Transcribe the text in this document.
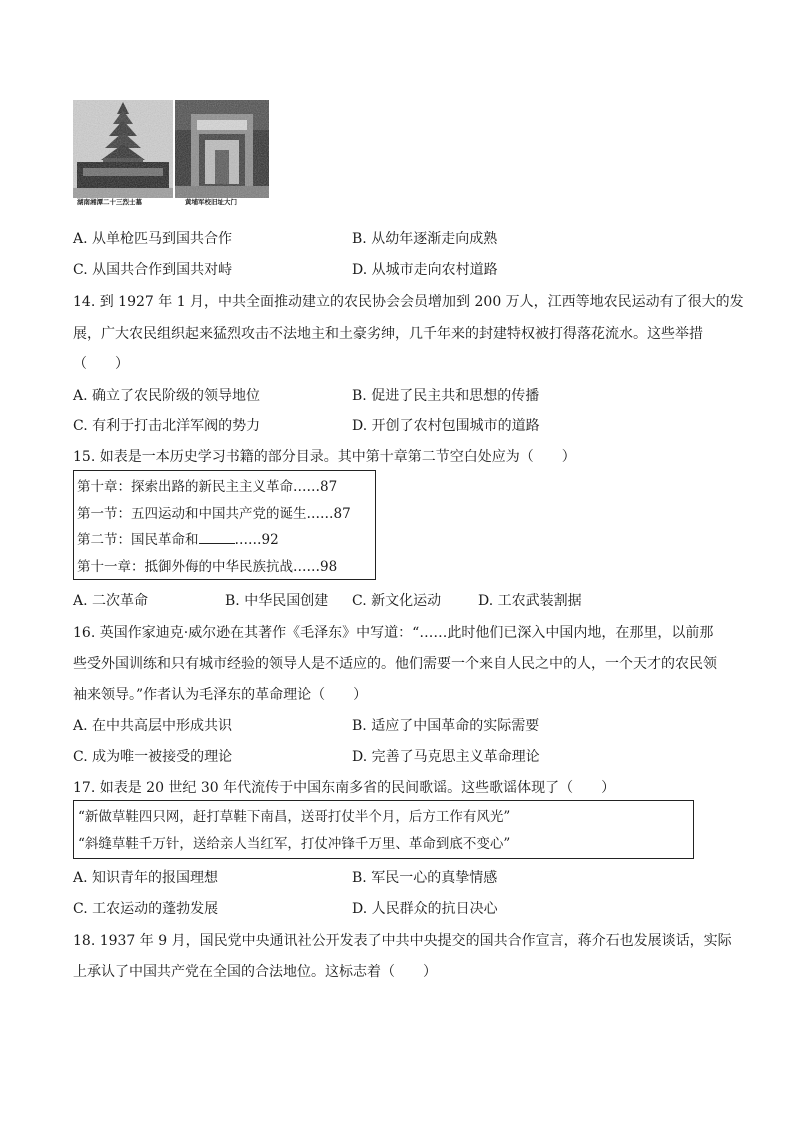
湖南湘潭二十三烈士墓	黄埔军校旧址大门
A. 从单枪匹马到国共合作	B. 从幼年逐渐走向成熟
C. 从国共合作到国共对峙	D. 从城市走向农村道路
14. 到 1927 年 1 月，中共全面推动建立的农民协会会员增加到 200 万人，江西等地农民运动有了很大的发
展，广大农民组织起来猛烈攻击不法地主和土豪劣绅，几千年来的封建特权被打得落花流水。这些举措
（　　）
A. 确立了农民阶级的领导地位	B. 促进了民主共和思想的传播
C. 有利于打击北洋军阀的势力	D. 开创了农村包围城市的道路
15. 如表是一本历史学习书籍的部分目录。其中第十章第二节空白处应为（　　）
第十章：探索出路的新民主主义革命……87
第一节：五四运动和中国共产党的诞生……87
第二节：国民革命和	……92
第十一章：抵御外侮的中华民族抗战……98
A. 二次革命	B. 中华民国创建 C. 新文化运动	D. 工农武装割据
16. 英国作家迪克·威尔逊在其著作《毛泽东》中写道：“……此时他们已深入中国内地，在那里，以前那
些受外国训练和只有城市经验的领导人是不适应的。他们需要一个来自人民之中的人，一个天才的农民领
袖来领导。”作者认为毛泽东的革命理论（　　）
A. 在中共高层中形成共识	B. 适应了中国革命的实际需要
C. 成为唯一被接受的理论	D. 完善了马克思主义革命理论
17. 如表是 20 世纪 30 年代流传于中国东南多省的民间歌谣。这些歌谣体现了（　　）
“新做草鞋四只网，赶打草鞋下南昌，送哥打仗半个月，后方工作有风光”
“斜缝草鞋千万针，送给亲人当红军，打仗冲锋千万里、革命到底不变心”
A. 知识青年的报国理想	B. 军民一心的真挚情感
C. 工农运动的蓬勃发展	D. 人民群众的抗日决心
18. 1937 年 9 月，国民党中央通讯社公开发表了中共中央提交的国共合作宣言，蒋介石也发展谈话，实际
上承认了中国共产党在全国的合法地位。这标志着（　　）
